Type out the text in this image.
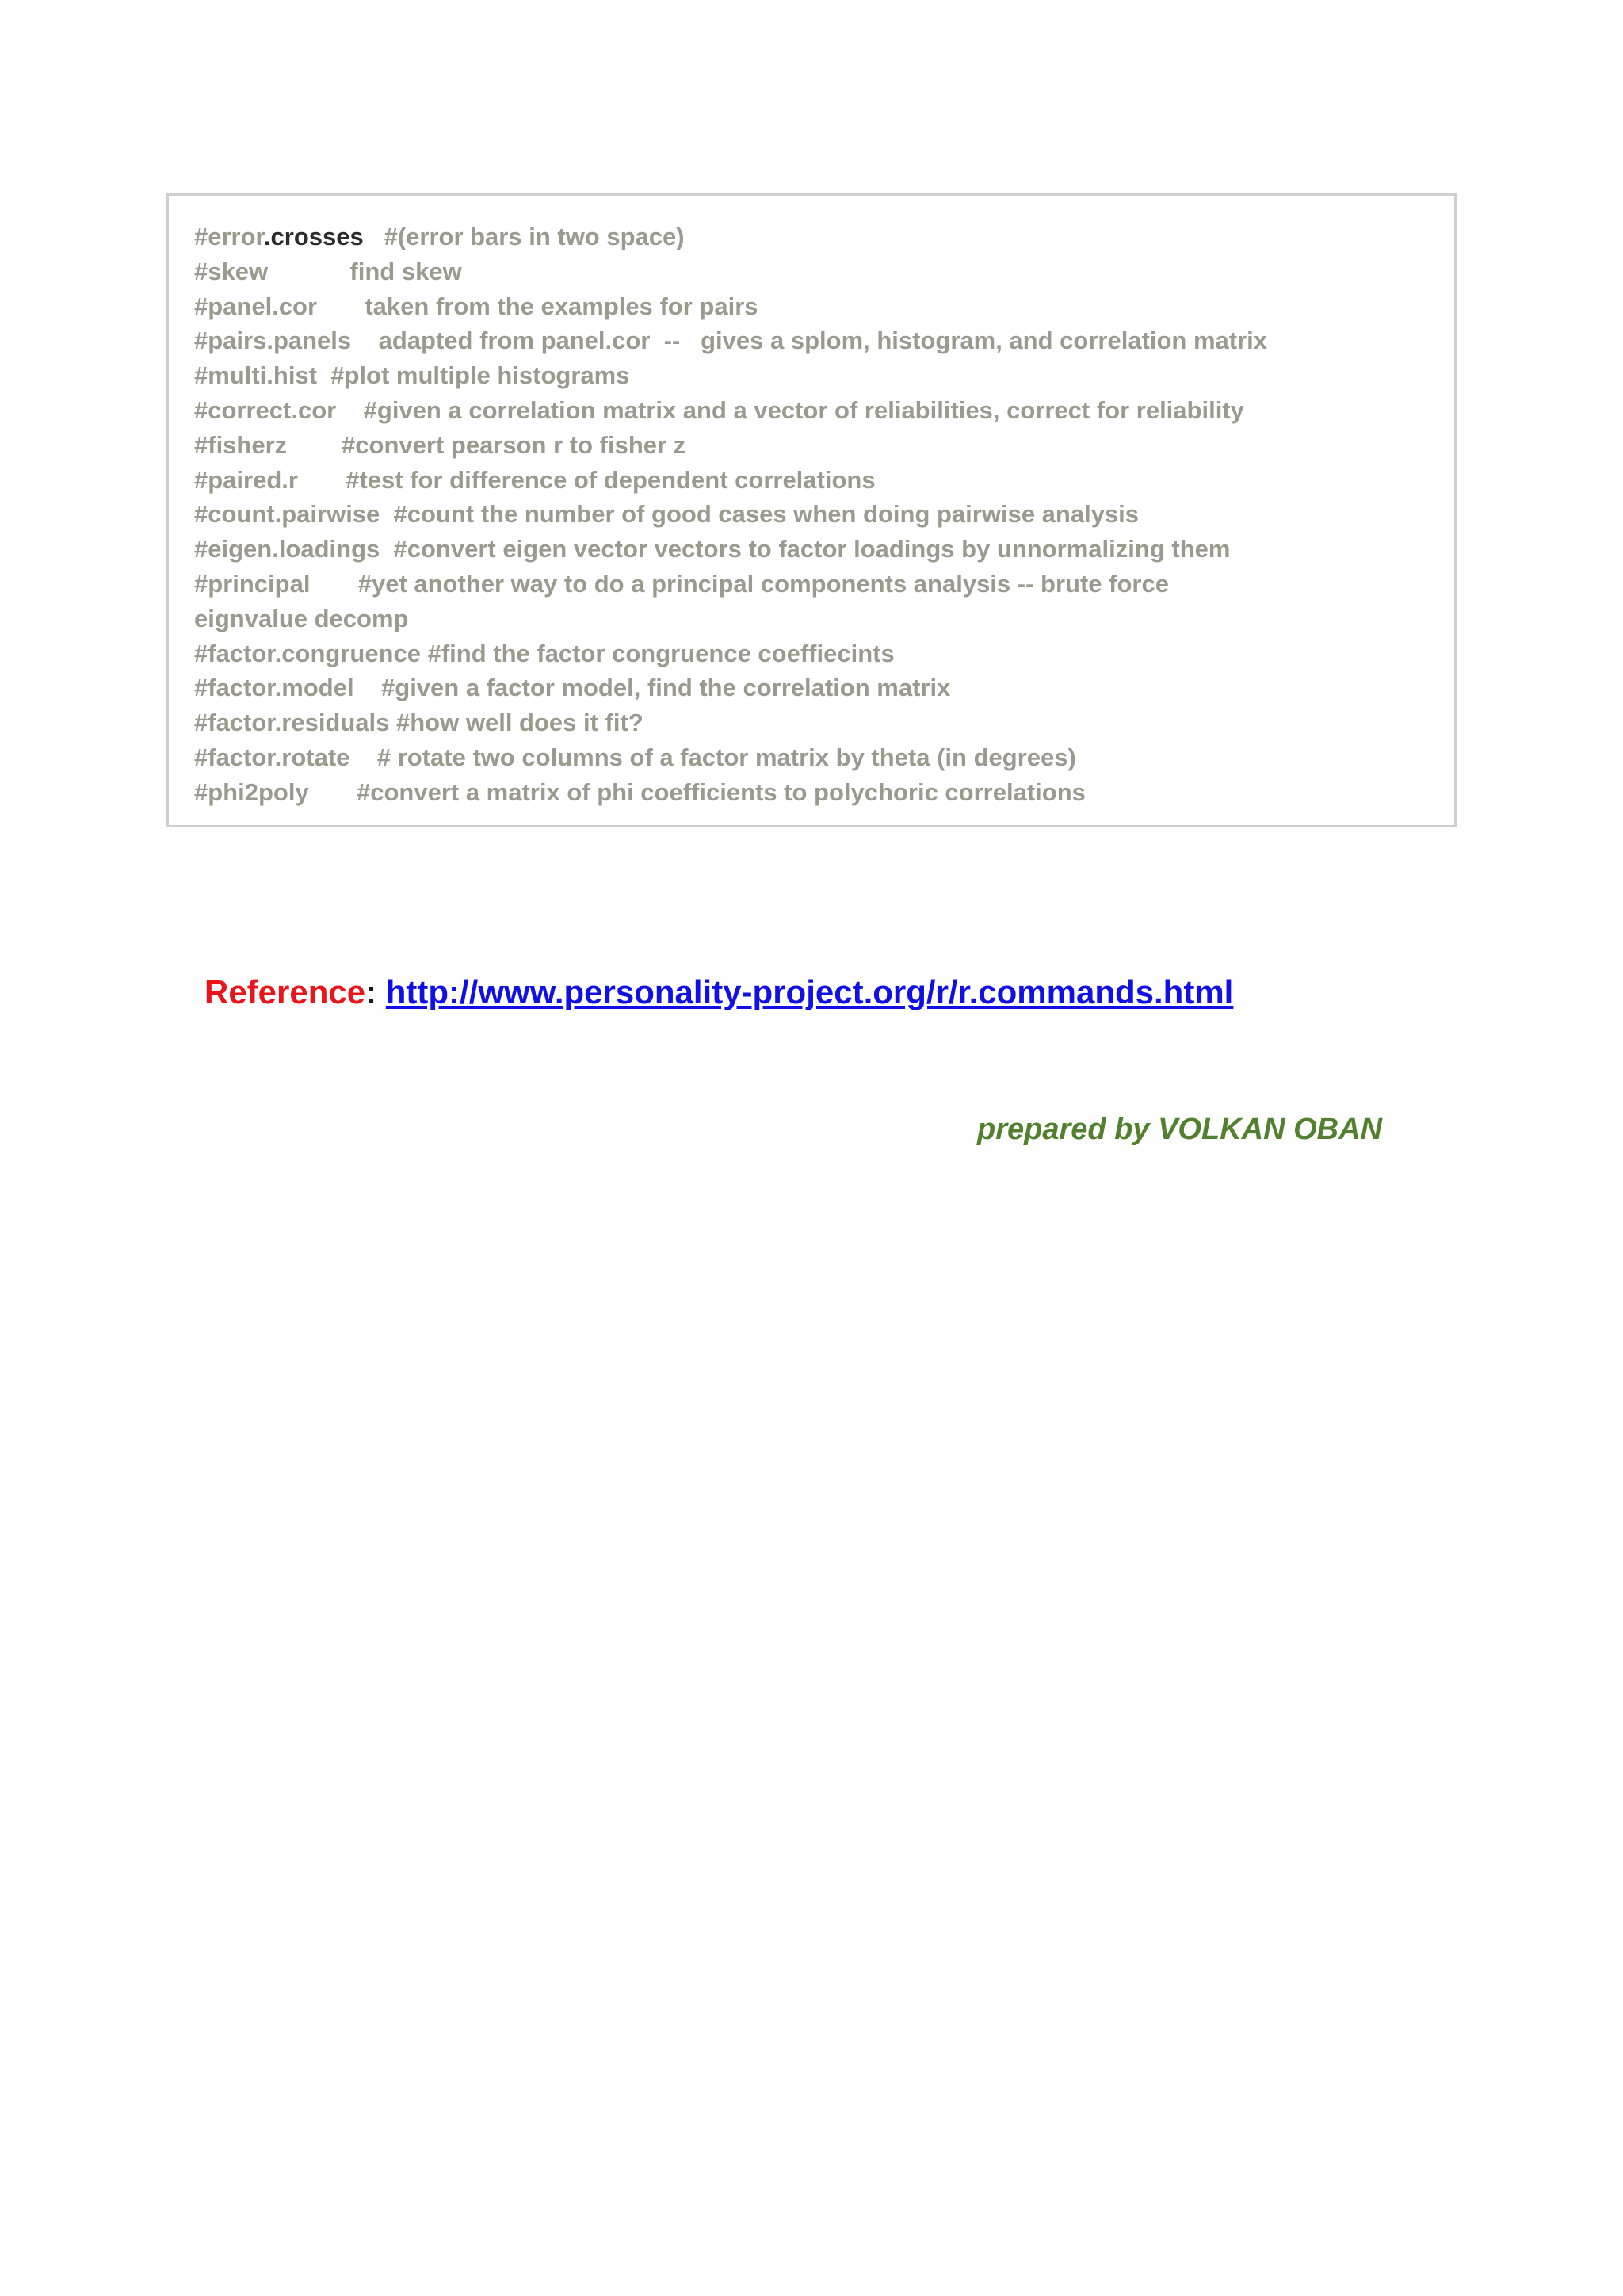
#error.crosses   #(error bars in two space)
#skew            find skew
#panel.cor       taken from the examples for pairs
#pairs.panels    adapted from panel.cor  --   gives a splom, histogram, and correlation matrix
#multi.hist  #plot multiple histograms
#correct.cor    #given a correlation matrix and a vector of reliabilities, correct for reliability
#fisherz        #convert pearson r to fisher z
#paired.r       #test for difference of dependent correlations
#count.pairwise  #count the number of good cases when doing pairwise analysis
#eigen.loadings  #convert eigen vector vectors to factor loadings by unnormalizing them
#principal       #yet another way to do a principal components analysis -- brute force
eignvalue decomp
#factor.congruence #find the factor congruence coeffiecints
#factor.model    #given a factor model, find the correlation matrix
#factor.residuals #how well does it fit?
#factor.rotate    # rotate two columns of a factor matrix by theta (in degrees)
#phi2poly       #convert a matrix of phi coefficients to polychoric correlations
Reference: http://www.personality-project.org/r/r.commands.html
prepared by VOLKAN OBAN
